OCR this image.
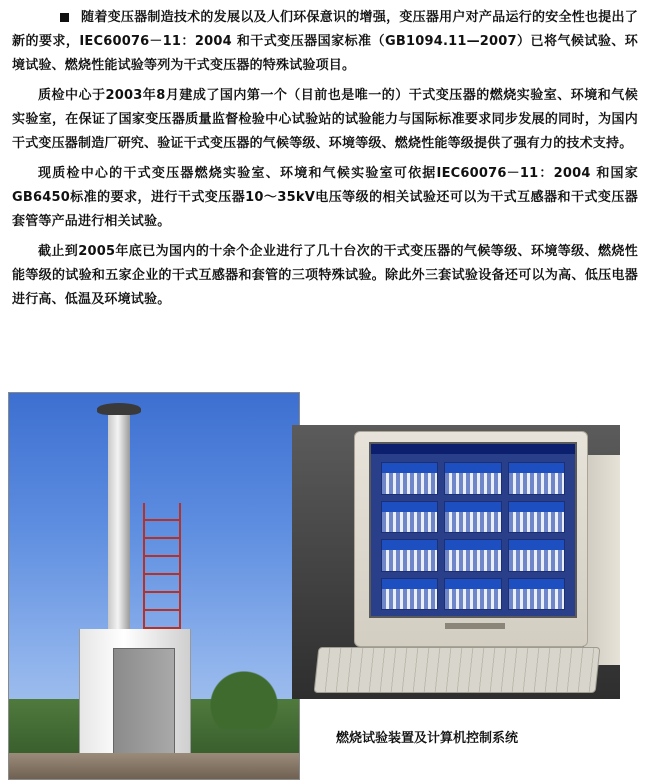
随着变压器制造技术的发展以及人们环保意识的增强，变压器用户对产品运行的安全性也提出了新的要求，IEC60076－11：2004 和干式变压器国家标准（GB1094.11—2007）已将气候试验、环境试验、燃烧性能试验等列为干式变压器的特殊试验项目。

质检中心于2003年8月建成了国内第一个（目前也是唯一的）干式变压器的燃烧实验室、环境和气候实验室，在保证了国家变压器质量监督检验中心试验站的试验能力与国际标准要求同步发展的同时，为国内干式变压器制造厂研究、验证干式变压器的气候等级、环境等级、燃烧性能等级提供了强有力的技术支持。

现质检中心的干式变压器燃烧实验室、环境和气候实验室可依据IEC60076－11：2004 和国家GB6450标准的要求，进行干式变压器10～35kV电压等级的相关试验还可以为干式互感器和干式变压器套管等产品进行相关试验。

截止到2005年底已为国内的十余个企业进行了几十台次的干式变压器的气候等级、环境等级、燃烧性能等级的试验和五家企业的干式互感器和套管的三项特殊试验。除此外三套试验设备还可以为高、低压电器进行高、低温及环境试验。

燃烧试验装置及计算机控制系统
